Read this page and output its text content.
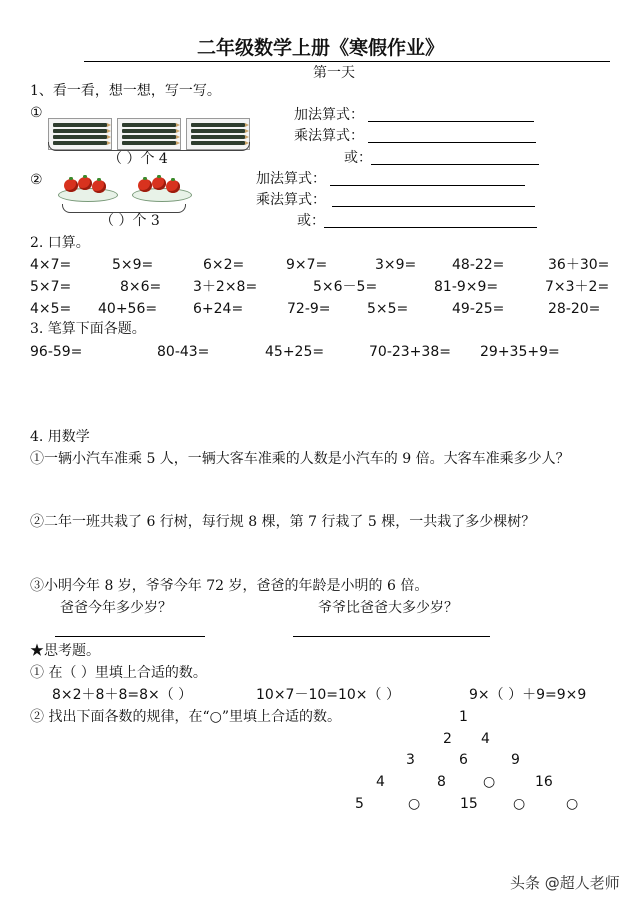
二年级数学上册《寒假作业》
第一天
1、看一看，想一想，写一写。
①
（ ）个 4
加法算式：
乘法算式：
或：
②
（ ）个 3
加法算式：
乘法算式：
或：
2. 口算。
4×7=	5×9=	6×2=	9×7=	3×9=	48-22=	36＋30=
5×7=	8×6= 3＋2×8=	5×6－5=	81-9×9=	7×3＋2=
4×5= 40+56=	6+24=	72-9=	5×5=	49-25=	28-20=
3. 笔算下面各题。
96-59=	80-43=	45+25=	70-23+38= 29+35+9=
4. 用数学
①一辆小汽车准乘 5 人，一辆大客车准乘的人数是小汽车的 9 倍。大客车准乘多少人？
②二年一班共栽了 6 行树，每行规 8 棵，第 7 行栽了 5 棵，一共栽了多少棵树？
③小明今年 8 岁，爷爷今年 72 岁，爸爸的年龄是小明的 6 倍。
爸爸今年多少岁？	爷爷比爸爸大多少岁？
★思考题。
① 在（ ）里填上合适的数。
8×2＋8＋8=8×（ ）	10×7－10=10×（ ）	9×（ ）＋9=9×9
② 找出下面各数的规律，在“○”里填上合适的数。	1
2 4
3	6	9
4	8	○	16
5	○	15	○	○
头条 @超人老师
